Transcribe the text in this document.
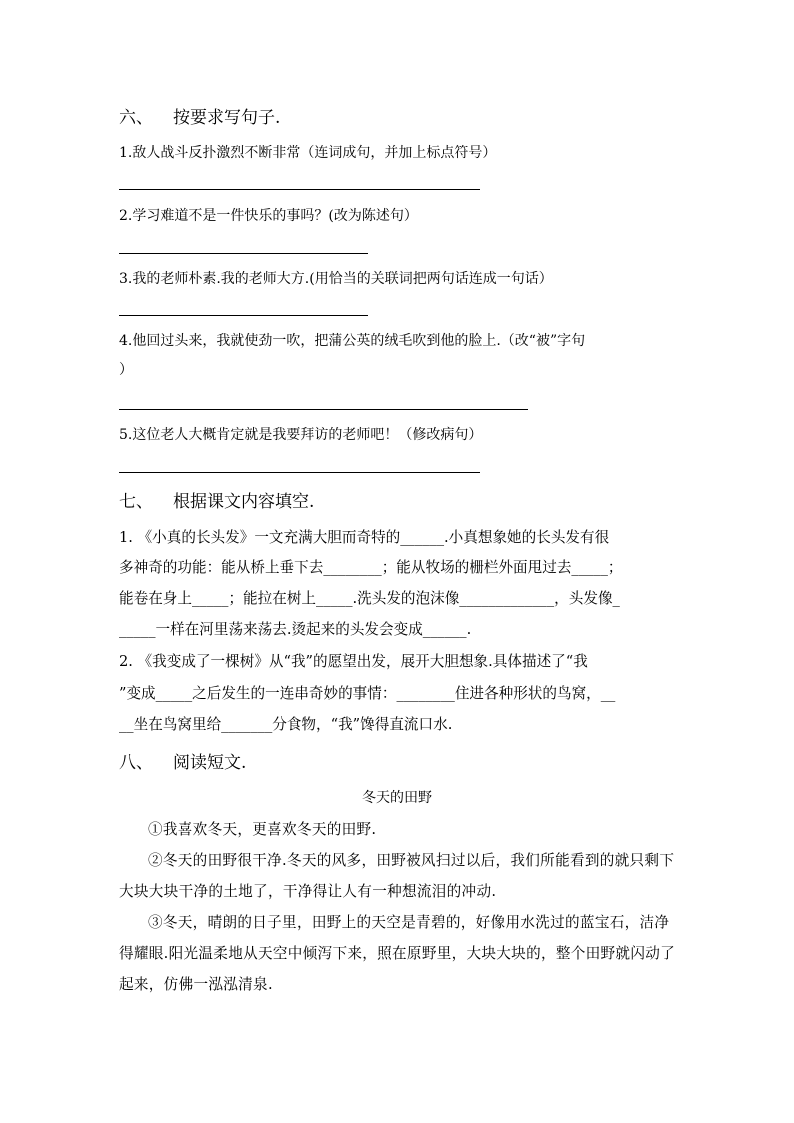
六、 按要求写句子.
1.敌人战斗反扑激烈不断非常（连词成句，并加上标点符号）
2.学习难道不是一件快乐的事吗？(改为陈述句）
3.我的老师朴素.我的老师大方.(用恰当的关联词把两句话连成一句话）
4.他回过头来，我就使劲一吹，把蒲公英的绒毛吹到他的脸上.（改“被”字句
）
5.这位老人大概肯定就是我要拜访的老师吧！（修改病句）
七、 根据课文内容填空.
1. 《小真的长头发》一文充满大胆而奇特的______.小真想象她的长头发有很
多神奇的功能：能从桥上垂下去________；能从牧场的栅栏外面甩过去_____；
能卷在身上_____；能拉在树上_____.洗头发的泡沫像_____________，头发像_
_____一样在河里荡来荡去.烫起来的头发会变成______.
2. 《我变成了一棵树》从“我”的愿望出发，展开大胆想象.具体描述了“我
”变成_____之后发生的一连串奇妙的事情：________住进各种形状的鸟窝，__
__坐在鸟窝里给_______分食物，“我”馋得直流口水.
八、 阅读短文.
冬天的田野
①我喜欢冬天，更喜欢冬天的田野.
②冬天的田野很干净.冬天的风多，田野被风扫过以后，我们所能看到的就只剩下大块大块干净的土地了，干净得让人有一种想流泪的冲动.
③冬天，晴朗的日子里，田野上的天空是青碧的，好像用水洗过的蓝宝石，洁净得耀眼.阳光温柔地从天空中倾泻下来，照在原野里，大块大块的，整个田野就闪动了起来，仿佛一泓泓清泉.
